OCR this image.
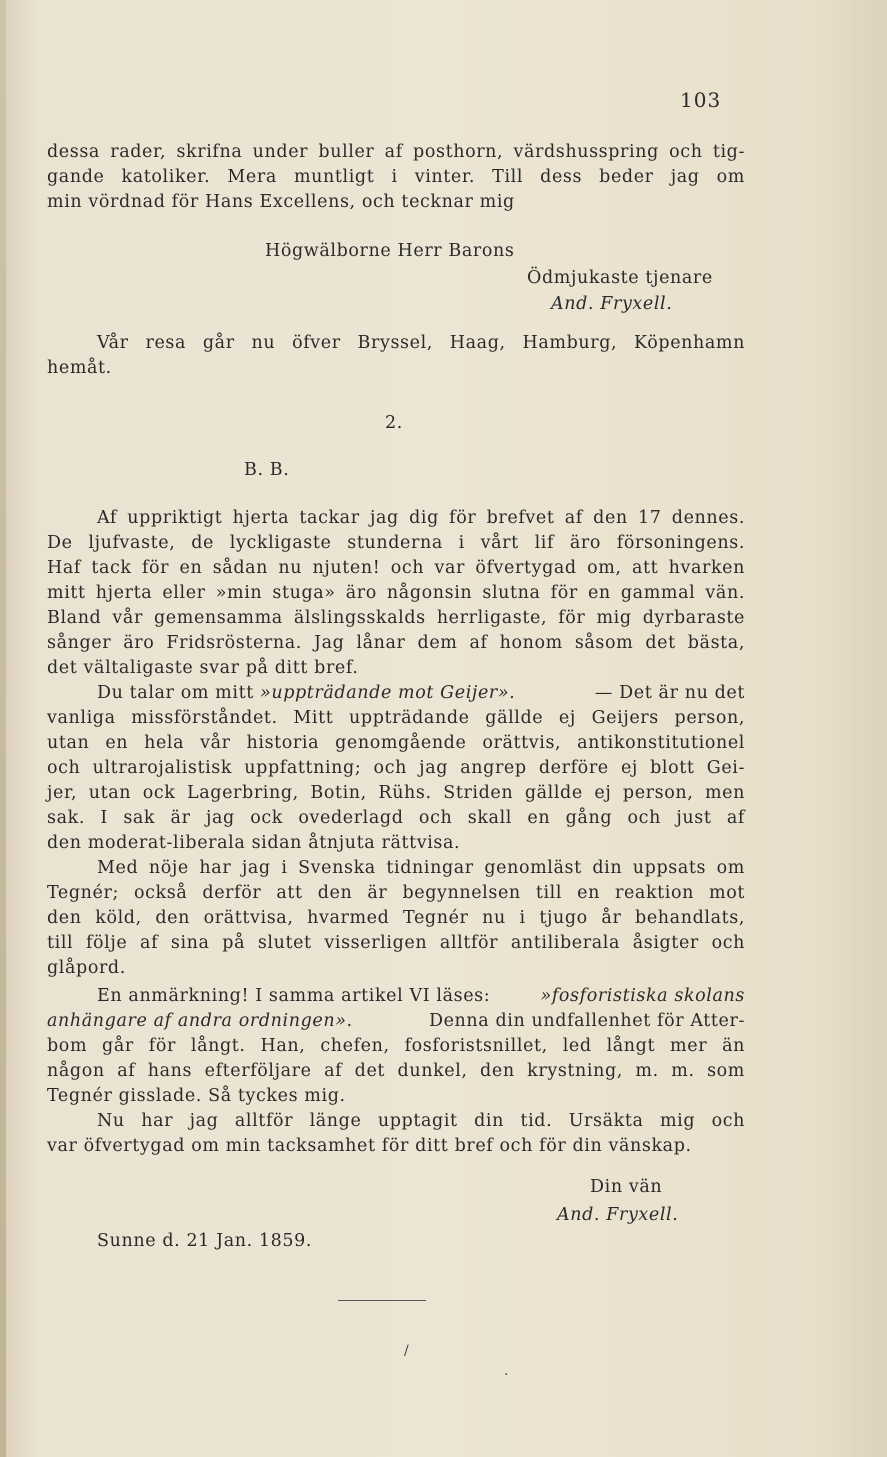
103
dessa rader, skrifna under buller af posthorn, värdshusspring och tig-
gande katoliker. Mera muntligt i vinter. Till dess beder jag om
min vördnad för Hans Excellens, och tecknar mig
Högwälborne Herr Barons
Ödmjukaste tjenare
And. Fryxell.
Vår resa går nu öfver Bryssel, Haag, Hamburg, Köpenhamn
hemåt.
2.
B. B.
Af uppriktigt hjerta tackar jag dig för brefvet af den 17 dennes.
De ljufvaste, de lyckligaste stunderna i vårt lif äro försoningens.
Haf tack för en sådan nu njuten! och var öfvertygad om, att hvarken
mitt hjerta eller »min stuga» äro någonsin slutna för en gammal vän.
Bland vår gemensamma älslingsskalds herrligaste, för mig dyrbaraste
sånger äro Fridsrösterna. Jag lånar dem af honom såsom det bästa,
det vältaligaste svar på ditt bref.
Du talar om mitt »uppträdande mot Geijer».	— Det är nu det
vanliga missförståndet. Mitt uppträdande gällde ej Geijers person,
utan en hela vår historia genomgående orättvis, antikonstitutionel
och ultrarojalistisk uppfattning; och jag angrep derföre ej blott Gei-
jer, utan ock Lagerbring, Botin, Rühs. Striden gällde ej person, men
sak. I sak är jag ock ovederlagd och skall en gång och just af
den moderat-liberala sidan åtnjuta rättvisa.
Med nöje har jag i Svenska tidningar genomläst din uppsats om
Tegnér; också derför att den är begynnelsen till en reaktion mot
den köld, den orättvisa, hvarmed Tegnér nu i tjugo år behandlats,
till följe af sina på slutet visserligen alltför antiliberala åsigter och
glåpord.
En anmärkning! I samma artikel VI läses:	»fosforistiska skolans
anhängare af andra ordningen».	Denna din undfallenhet för Atter-
bom går för långt. Han, chefen, fosforistsnillet, led långt mer än
någon af hans efterföljare af det dunkel, den krystning, m. m. som
Tegnér gisslade. Så tyckes mig.
Nu har jag alltför länge upptagit din tid. Ursäkta mig och
var öfvertygad om min tacksamhet för ditt bref och för din vänskap.
Din vän
And. Fryxell.
Sunne d. 21 Jan. 1859.
/
·
